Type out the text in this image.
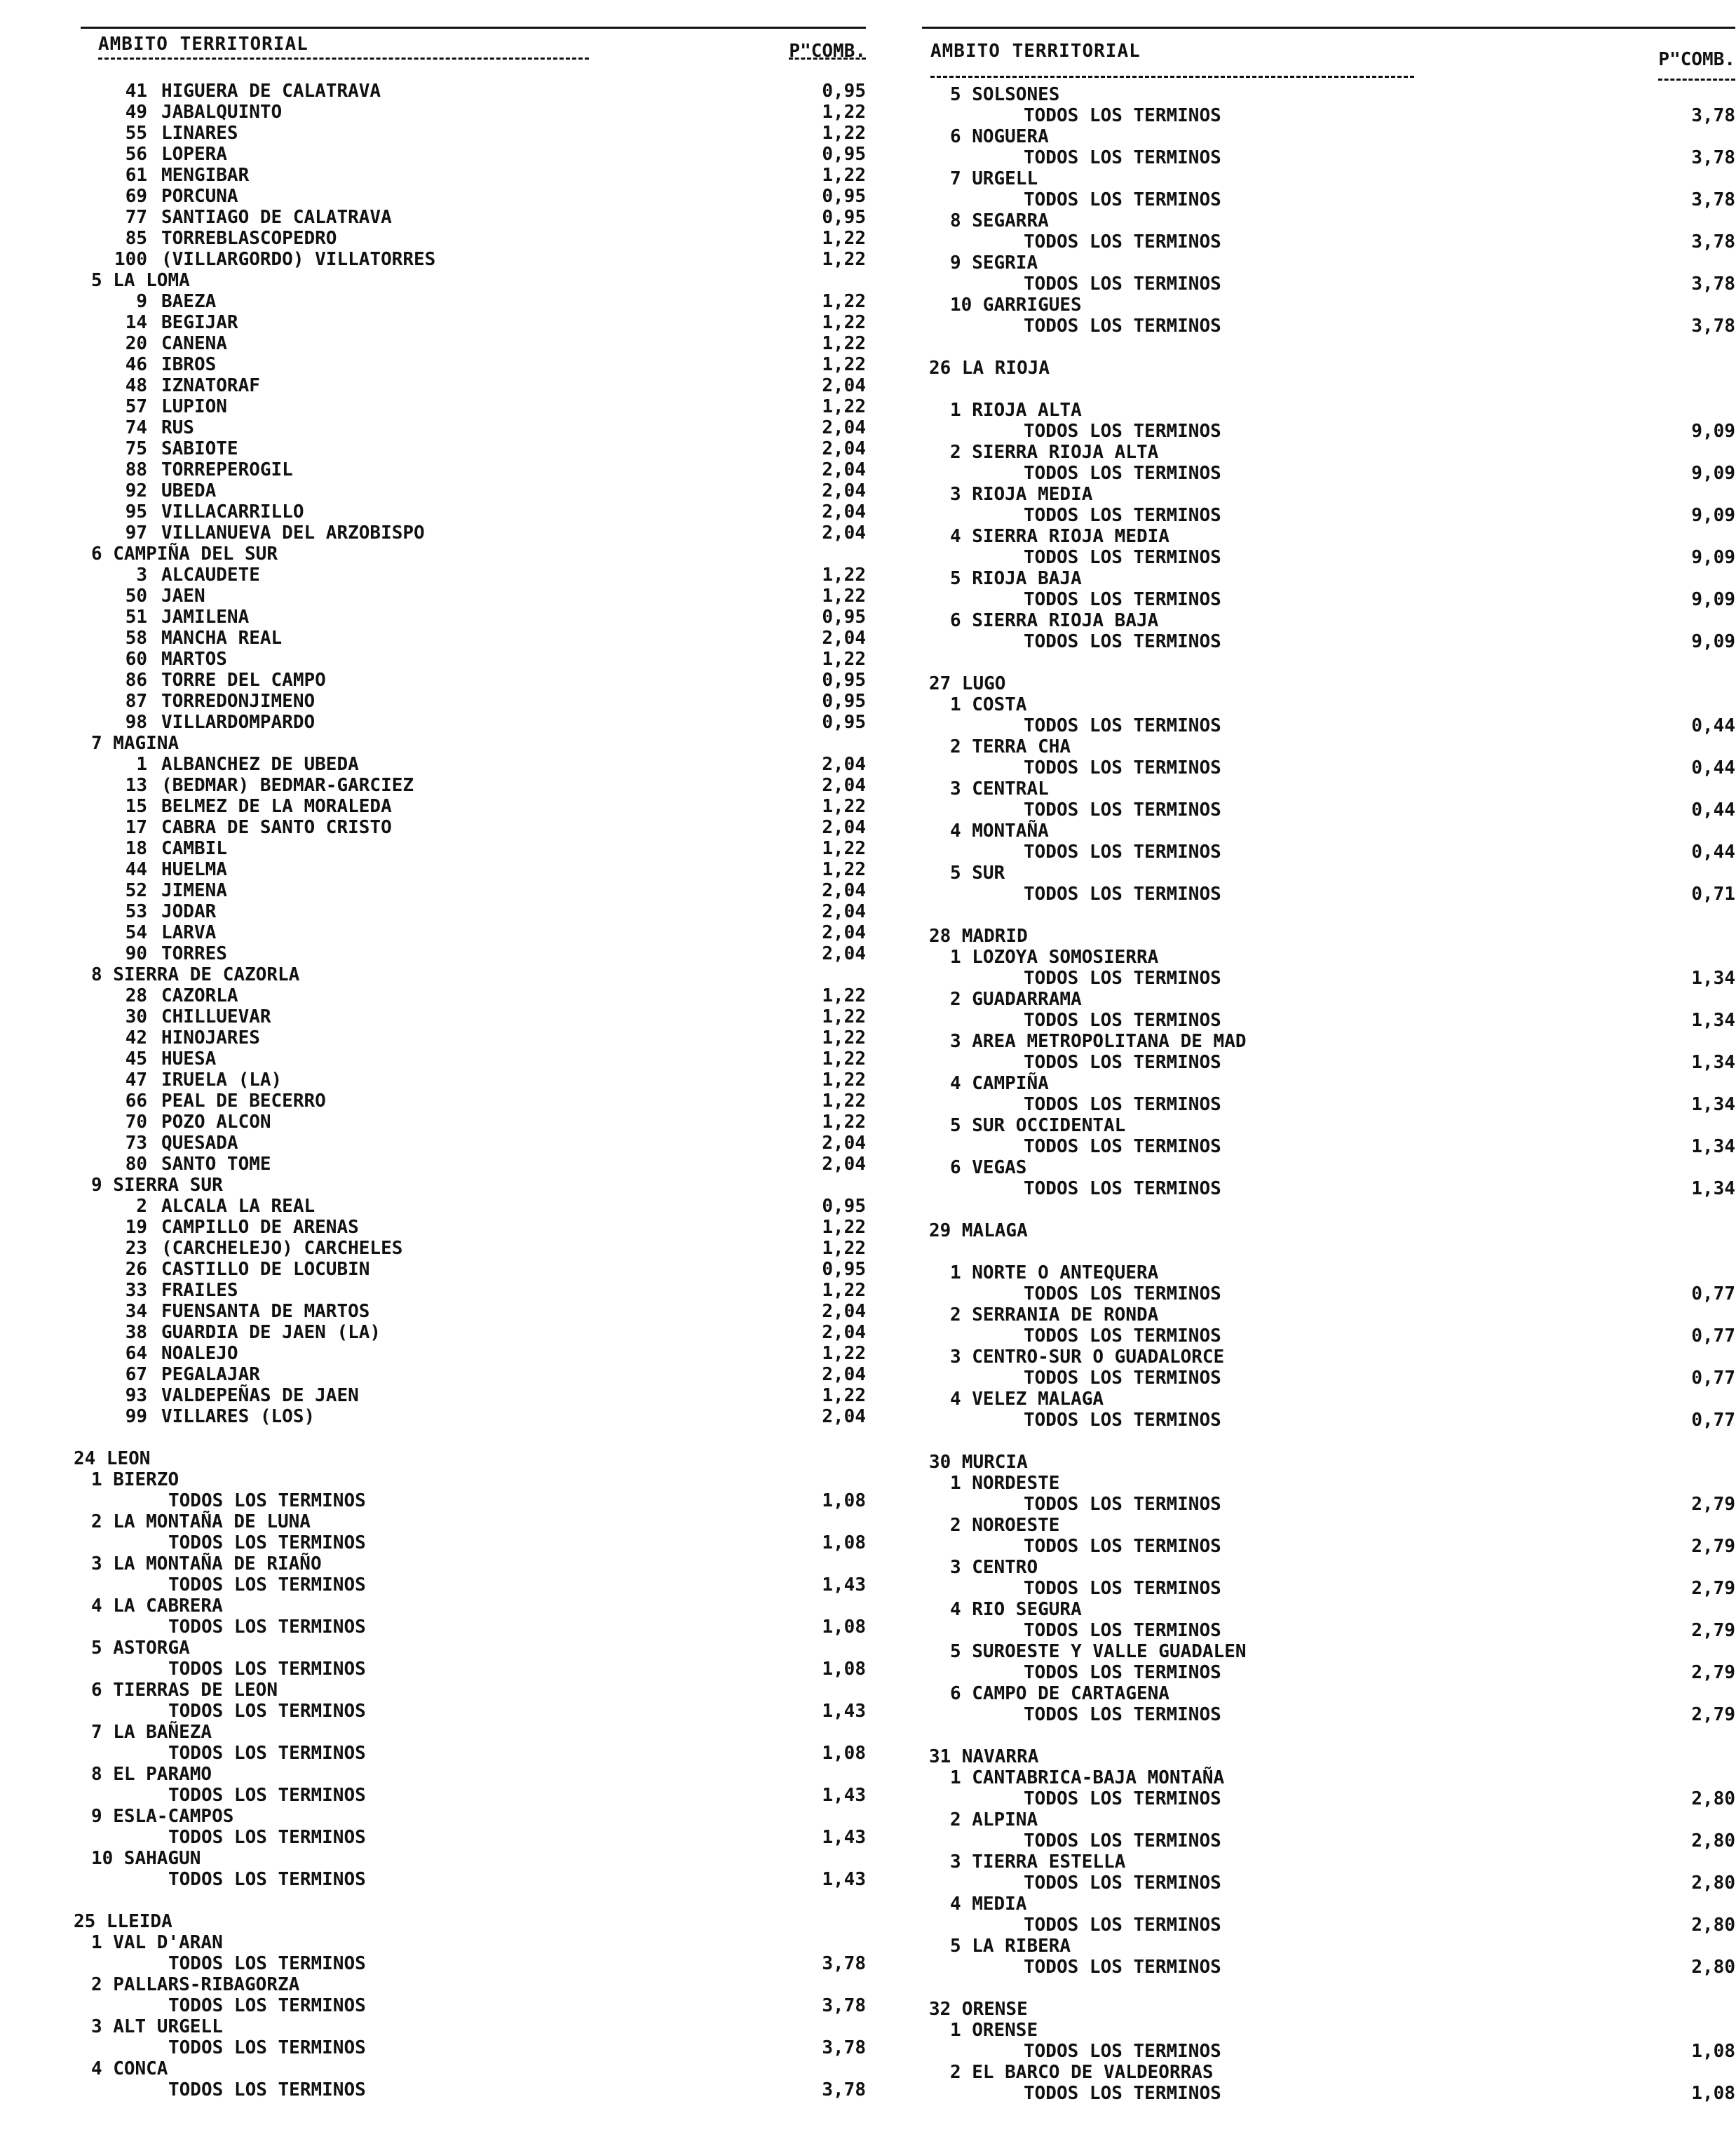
AMBITO TERRITORIAL	P"COMB.
41 HIGUERA DE CALATRAVA	0,95
49 JABALQUINTO	1,22
55 LINARES	1,22
56 LOPERA	0,95
61 MENGIBAR	1,22
69 PORCUNA	0,95
77 SANTIAGO DE CALATRAVA	0,95
85 TORREBLASCOPEDRO	1,22
100 (VILLARGORDO) VILLATORRES	1,22
5 LA LOMA
9 BAEZA	1,22
14 BEGIJAR	1,22
20 CANENA	1,22
46 IBROS	1,22
48 IZNATORAF	2,04
57 LUPION	1,22
74 RUS	2,04
75 SABIOTE	2,04
88 TORREPEROGIL	2,04
92 UBEDA	2,04
95 VILLACARRILLO	2,04
97 VILLANUEVA DEL ARZOBISPO	2,04
6 CAMPIÑA DEL SUR
3 ALCAUDETE	1,22
50 JAEN	1,22
51 JAMILENA	0,95
58 MANCHA REAL	2,04
60 MARTOS	1,22
86 TORRE DEL CAMPO	0,95
87 TORREDONJIMENO	0,95
98 VILLARDOMPARDO	0,95
7 MAGINA
1 ALBANCHEZ DE UBEDA	2,04
13 (BEDMAR) BEDMAR-GARCIEZ	2,04
15 BELMEZ DE LA MORALEDA	1,22
17 CABRA DE SANTO CRISTO	2,04
18 CAMBIL	1,22
44 HUELMA	1,22
52 JIMENA	2,04
53 JODAR	2,04
54 LARVA	2,04
90 TORRES	2,04
8 SIERRA DE CAZORLA
28 CAZORLA	1,22
30 CHILLUEVAR	1,22
42 HINOJARES	1,22
45 HUESA	1,22
47 IRUELA (LA)	1,22
66 PEAL DE BECERRO	1,22
70 POZO ALCON	1,22
73 QUESADA	2,04
80 SANTO TOME	2,04
9 SIERRA SUR
2 ALCALA LA REAL	0,95
19 CAMPILLO DE ARENAS	1,22
23 (CARCHELEJO) CARCHELES	1,22
26 CASTILLO DE LOCUBIN	0,95
33 FRAILES	1,22
34 FUENSANTA DE MARTOS	2,04
38 GUARDIA DE JAEN (LA)	2,04
64 NOALEJO	1,22
67 PEGALAJAR	2,04
93 VALDEPEÑAS DE JAEN	1,22
99 VILLARES (LOS)	2,04
24 LEON
1 BIERZO
TODOS LOS TERMINOS	1,08
2 LA MONTAÑA DE LUNA
TODOS LOS TERMINOS	1,08
3 LA MONTAÑA DE RIAÑO
TODOS LOS TERMINOS	1,43
4 LA CABRERA
TODOS LOS TERMINOS	1,08
5 ASTORGA
TODOS LOS TERMINOS	1,08
6 TIERRAS DE LEON
TODOS LOS TERMINOS	1,43
7 LA BAÑEZA
TODOS LOS TERMINOS	1,08
8 EL PARAMO
TODOS LOS TERMINOS	1,43
9 ESLA-CAMPOS
TODOS LOS TERMINOS	1,43
10 SAHAGUN
TODOS LOS TERMINOS	1,43
25 LLEIDA
1 VAL D'ARAN
TODOS LOS TERMINOS	3,78
2 PALLARS-RIBAGORZA
TODOS LOS TERMINOS	3,78
3 ALT URGELL
TODOS LOS TERMINOS	3,78
4 CONCA
TODOS LOS TERMINOS	3,78
AMBITO TERRITORIAL	P"COMB.
5 SOLSONES
TODOS LOS TERMINOS	3,78
6 NOGUERA
TODOS LOS TERMINOS	3,78
7 URGELL
TODOS LOS TERMINOS	3,78
8 SEGARRA
TODOS LOS TERMINOS	3,78
9 SEGRIA
TODOS LOS TERMINOS	3,78
10 GARRIGUES
TODOS LOS TERMINOS	3,78
26 LA RIOJA
1 RIOJA ALTA
TODOS LOS TERMINOS	9,09
2 SIERRA RIOJA ALTA
TODOS LOS TERMINOS	9,09
3 RIOJA MEDIA
TODOS LOS TERMINOS	9,09
4 SIERRA RIOJA MEDIA
TODOS LOS TERMINOS	9,09
5 RIOJA BAJA
TODOS LOS TERMINOS	9,09
6 SIERRA RIOJA BAJA
TODOS LOS TERMINOS	9,09
27 LUGO
1 COSTA
TODOS LOS TERMINOS	0,44
2 TERRA CHA
TODOS LOS TERMINOS	0,44
3 CENTRAL
TODOS LOS TERMINOS	0,44
4 MONTAÑA
TODOS LOS TERMINOS	0,44
5 SUR
TODOS LOS TERMINOS	0,71
28 MADRID
1 LOZOYA SOMOSIERRA
TODOS LOS TERMINOS	1,34
2 GUADARRAMA
TODOS LOS TERMINOS	1,34
3 AREA METROPOLITANA DE MAD
TODOS LOS TERMINOS	1,34
4 CAMPIÑA
TODOS LOS TERMINOS	1,34
5 SUR OCCIDENTAL
TODOS LOS TERMINOS	1,34
6 VEGAS
TODOS LOS TERMINOS	1,34
29 MALAGA
1 NORTE O ANTEQUERA
TODOS LOS TERMINOS	0,77
2 SERRANIA DE RONDA
TODOS LOS TERMINOS	0,77
3 CENTRO-SUR O GUADALORCE
TODOS LOS TERMINOS	0,77
4 VELEZ MALAGA
TODOS LOS TERMINOS	0,77
30 MURCIA
1 NORDESTE
TODOS LOS TERMINOS	2,79
2 NOROESTE
TODOS LOS TERMINOS	2,79
3 CENTRO
TODOS LOS TERMINOS	2,79
4 RIO SEGURA
TODOS LOS TERMINOS	2,79
5 SUROESTE Y VALLE GUADALEN
TODOS LOS TERMINOS	2,79
6 CAMPO DE CARTAGENA
TODOS LOS TERMINOS	2,79
31 NAVARRA
1 CANTABRICA-BAJA MONTAÑA
TODOS LOS TERMINOS	2,80
2 ALPINA
TODOS LOS TERMINOS	2,80
3 TIERRA ESTELLA
TODOS LOS TERMINOS	2,80
4 MEDIA
TODOS LOS TERMINOS	2,80
5 LA RIBERA
TODOS LOS TERMINOS	2,80
32 ORENSE
1 ORENSE
TODOS LOS TERMINOS	1,08
2 EL BARCO DE VALDEORRAS
TODOS LOS TERMINOS	1,08
